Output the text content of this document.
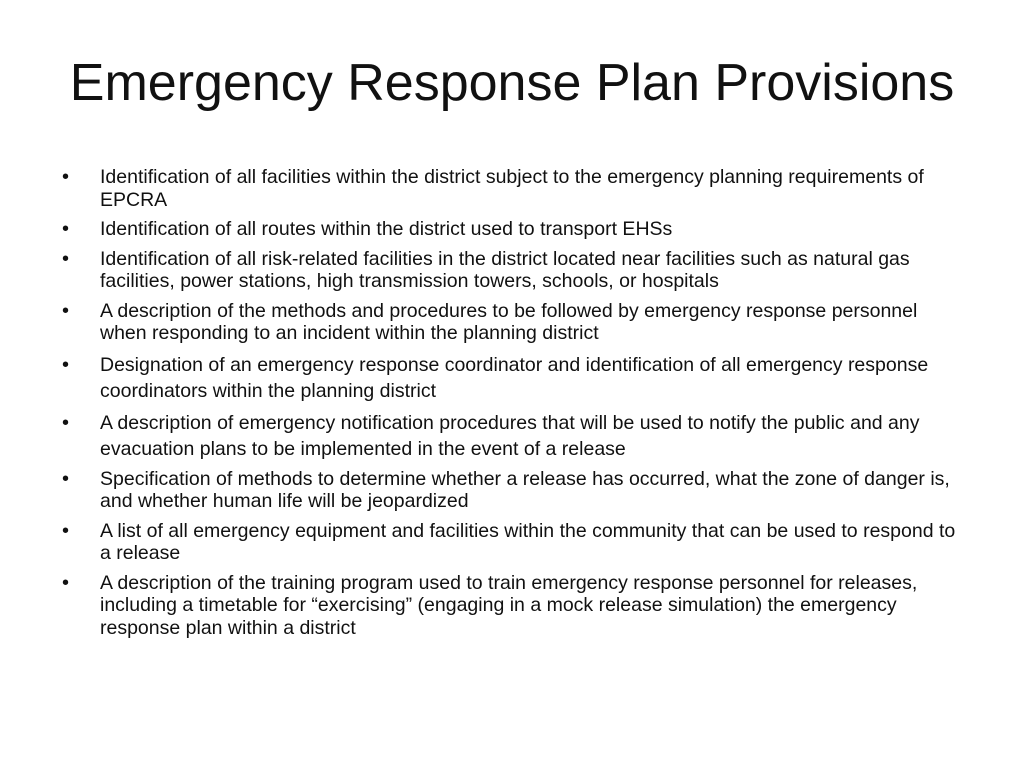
Emergency Response Plan Provisions
•	Identification of all facilities within the district subject to the emergency planning requirements of EPCRA
•	Identification of all routes within the district used to transport EHSs
•	Identification of all risk-related facilities in the district located near facilities such as natural gas facilities, power stations, high transmission towers, schools, or hospitals
•	A description of the methods and procedures to be followed by emergency response personnel when responding to an incident within the planning district
•	Designation of an emergency response coordinator and identification of all emergency response coordinators within the planning district
•	A description of emergency notification procedures that will be used to notify the public and any evacuation plans to be implemented in the event of a release
•	Specification of methods to determine whether a release has occurred, what the zone of danger is, and whether human life will be jeopardized
•	A list of all emergency equipment and facilities within the community that can be used to respond to a release
•	A description of the training program used to train emergency response personnel for releases, including a timetable for “exercising” (engaging in a mock release simulation) the emergency response plan within a district
